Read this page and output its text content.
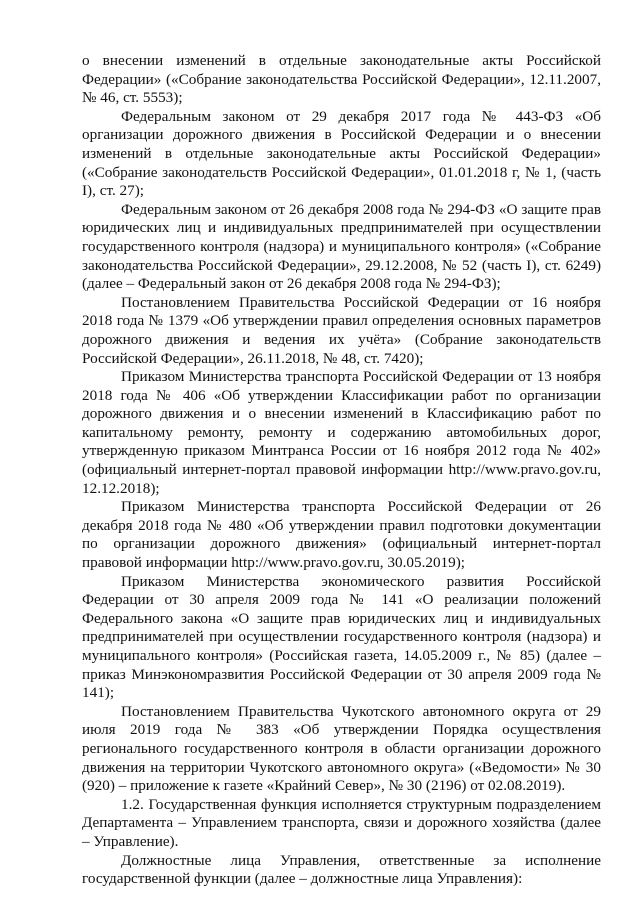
о внесении изменений в отдельные законодательные акты Российской Федерации» («Собрание законодательства Российской Федерации», 12.11.2007, № 46, ст. 5553);

Федеральным законом от 29 декабря 2017 года № 443-ФЗ «Об организации дорожного движения в Российской Федерации и о внесении изменений в отдельные законодательные акты Российской Федерации» («Собрание законодательств Российской Федерации», 01.01.2018 г, № 1, (часть I), ст. 27);

Федеральным законом от 26 декабря 2008 года № 294-ФЗ «О защите прав юридических лиц и индивидуальных предпринимателей при осуществлении государственного контроля (надзора) и муниципального контроля» («Собрание законодательства Российской Федерации», 29.12.2008, № 52 (часть I), ст. 6249) (далее – Федеральный закон от 26 декабря 2008 года № 294-ФЗ);

Постановлением Правительства Российской Федерации от 16 ноября 2018 года № 1379 «Об утверждении правил определения основных параметров дорожного движения и ведения их учёта» (Собрание законодательств Российской Федерации», 26.11.2018, № 48, ст. 7420);

Приказом Министерства транспорта Российской Федерации от 13 ноября 2018 года № 406 «Об утверждении Классификации работ по организации дорожного движения и о внесении изменений в Классификацию работ по капитальному ремонту, ремонту и содержанию автомобильных дорог, утвержденную приказом Минтранса России от 16 ноября 2012 года № 402» (официальный интернет-портал правовой информации http://www.pravo.gov.ru, 12.12.2018);

Приказом Министерства транспорта Российской Федерации от 26 декабря 2018 года № 480 «Об утверждении правил подготовки документации по организации дорожного движения» (официальный интернет-портал правовой информации http://www.pravo.gov.ru, 30.05.2019);

Приказом Министерства экономического развития Российской Федерации от 30 апреля 2009 года № 141 «О реализации положений Федерального закона «О защите прав юридических лиц и индивидуальных предпринимателей при осуществлении государственного контроля (надзора) и муниципального контроля» (Российская газета, 14.05.2009 г., № 85) (далее – приказ Минэкономразвития Российской Федерации от 30 апреля 2009 года № 141);

Постановлением Правительства Чукотского автономного округа от 29 июля 2019 года № 383 «Об утверждении Порядка осуществления регионального государственного контроля в области организации дорожного движения на территории Чукотского автономного округа» («Ведомости» № 30 (920) – приложение к газете «Крайний Север», № 30 (2196) от 02.08.2019).

1.2. Государственная функция исполняется структурным подразделением Департамента – Управлением транспорта, связи и дорожного хозяйства (далее – Управление).

Должностные лица Управления, ответственные за исполнение государственной функции (далее – должностные лица Управления):
